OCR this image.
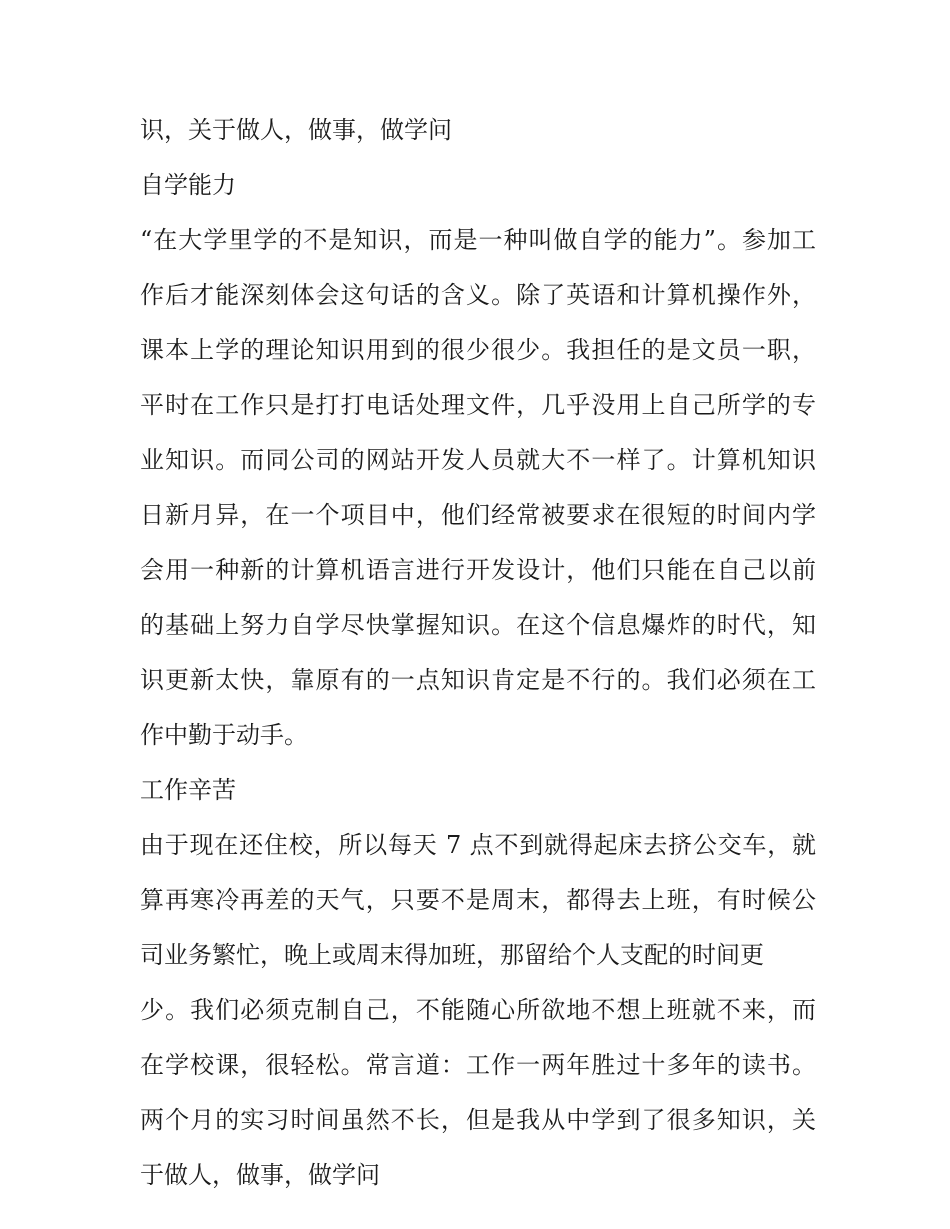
识，关于做人，做事，做学问
自学能力
“在大学里学的不是知识，而是一种叫做自学的能力”。参加工
作后才能深刻体会这句话的含义。除了英语和计算机操作外，
课本上学的理论知识用到的很少很少。我担任的是文员一职，
平时在工作只是打打电话处理文件，几乎没用上自己所学的专
业知识。而同公司的网站开发人员就大不一样了。计算机知识
日新月异，在一个项目中，他们经常被要求在很短的时间内学
会用一种新的计算机语言进行开发设计，他们只能在自己以前
的基础上努力自学尽快掌握知识。在这个信息爆炸的时代，知
识更新太快，靠原有的一点知识肯定是不行的。我们必须在工
作中勤于动手。
工作辛苦
由于现在还住校，所以每天 7 点不到就得起床去挤公交车，就
算再寒冷再差的天气，只要不是周末，都得去上班，有时候公
司业务繁忙，晚上或周末得加班，那留给个人支配的时间更
少。我们必须克制自己，不能随心所欲地不想上班就不来，而
在学校课，很轻松。常言道：工作一两年胜过十多年的读书。
两个月的实习时间虽然不长，但是我从中学到了很多知识，关
于做人，做事，做学问
